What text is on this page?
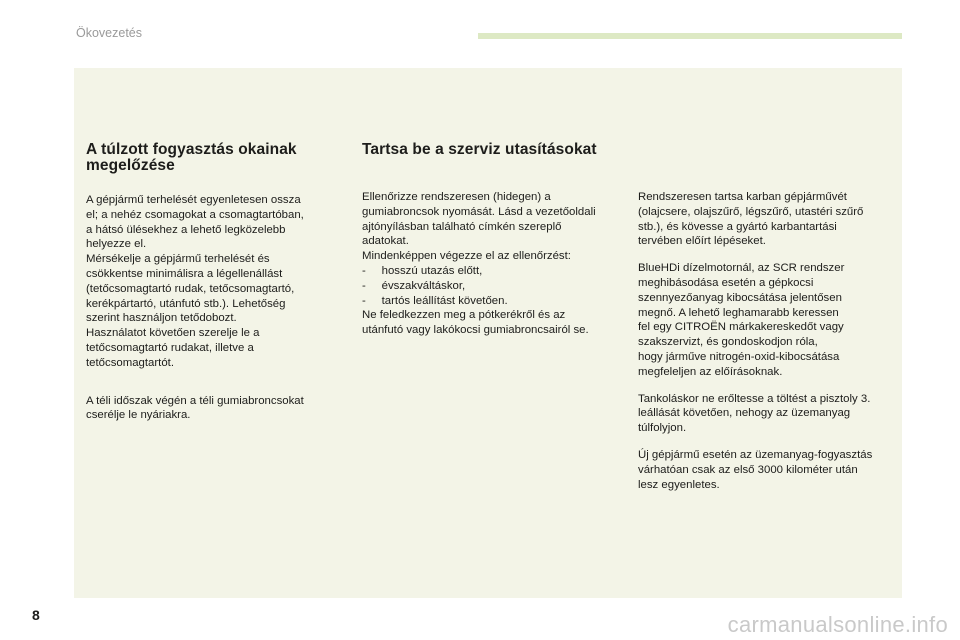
Ökovezetés
A túlzott fogyasztás okainak megelőzése

A gépjármű terhelését egyenletesen ossza
el; a nehéz csomagokat a csomagtartóban,
a hátsó ülésekhez a lehető legközelebb
helyezze el.
Mérsékelje a gépjármű terhelését és
csökkentse minimálisra a légellenállást
(tetőcsomagtartó rudak, tetőcsomagtartó,
kerékpártartó, utánfutó stb.). Lehetőség
szerint használjon tetődobozt.
Használatot követően szerelje le a
tetőcsomagtartó rudakat, illetve a
tetőcsomagtartót.

A téli időszak végén a téli gumiabroncsokat
cserélje le nyáriakra.

Tartsa be a szerviz utasításokat

Ellenőrizze rendszeresen (hidegen) a
gumiabroncsok nyomását. Lásd a vezetőoldali
ajtónyílásban található címkén szereplő
adatokat.
Mindenképpen végezze el az ellenőrzést:
-     hosszú utazás előtt,
-     évszakváltáskor,
-     tartós leállítást követően.
Ne feledkezzen meg a pótkerékről és az
utánfutó vagy lakókocsi gumiabroncsairól se.

Rendszeresen tartsa karban gépjárművét
(olajcsere, olajszűrő, légszűrő, utastéri szűrő
stb.), és kövesse a gyártó karbantartási
tervében előírt lépéseket.

BlueHDi dízelmotornál, az SCR rendszer
meghibásodása esetén a gépkocsi
szennyezőanyag kibocsátása jelentősen
megnő. A lehető leghamarabb keressen
fel egy CITROËN márkakereskedőt vagy
szakszervizt, és gondoskodjon róla,
hogy járműve nitrogén-oxid-kibocsátása
megfeleljen az előírásoknak.

Tankoláskor ne erőltesse a töltést a pisztoly 3.
leállását követően, nehogy az üzemanyag
túlfolyjon.

Új gépjármű esetén az üzemanyag-fogyasztás
várhatóan csak az első 3000 kilométer után
lesz egyenletes.

8	carmanualsonline.info
